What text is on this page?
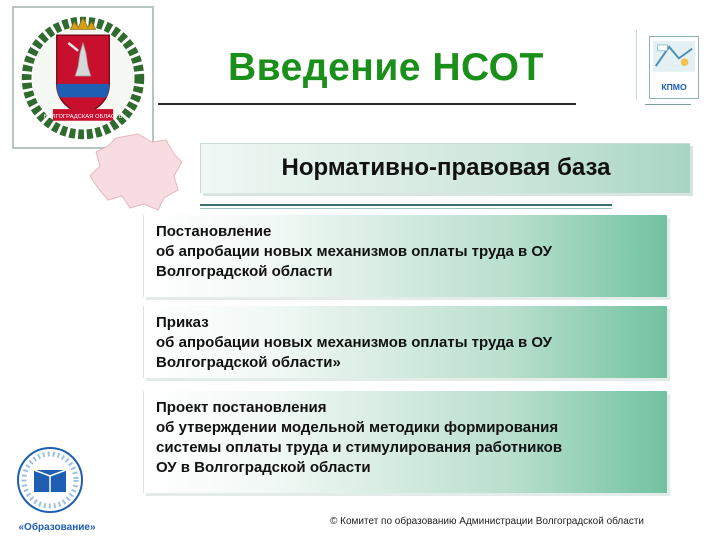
ВОЛГОГРАДСКАЯ ОБЛАСТЬ
Введение НСОТ	КПМО
Нормативно-правовая база
Постановление
об апробации новых механизмов оплаты труда в ОУ
Волгоградской области
Приказ
об апробации новых механизмов оплаты труда в ОУ
Волгоградской области»
Проект постановления
об утверждении модельной методики формирования
системы оплаты труда и стимулирования работников
ОУ в Волгоградской области
«Образование»
© Комитет по образованию Администрации Волгоградской области
